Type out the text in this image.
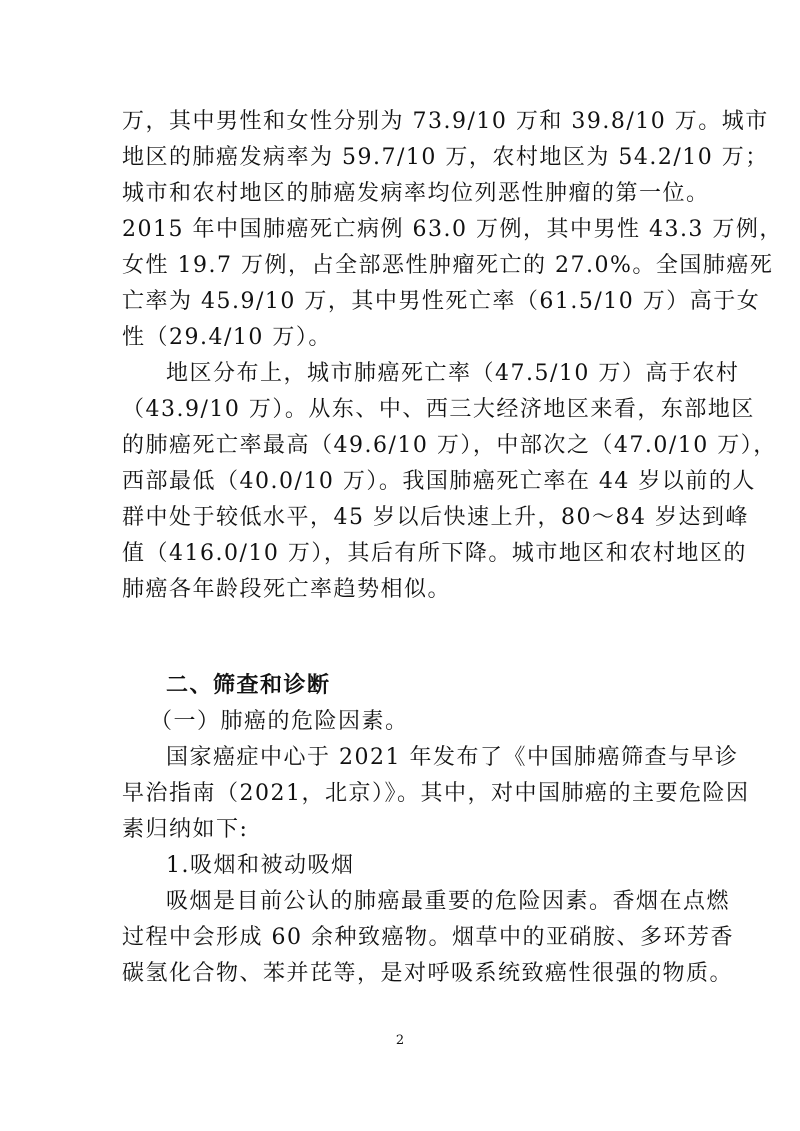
万，其中男性和女性分别为 73.9/10 万和 39.8/10 万。城市
地区的肺癌发病率为 59.7/10 万，农村地区为 54.2/10 万；
城市和农村地区的肺癌发病率均位列恶性肿瘤的第一位。
2015 年中国肺癌死亡病例 63.0 万例，其中男性 43.3 万例，
女性 19.7 万例，占全部恶性肿瘤死亡的 27.0%。全国肺癌死
亡率为 45.9/10 万，其中男性死亡率（61.5/10 万）高于女
性（29.4/10 万）。
地区分布上，城市肺癌死亡率（47.5/10 万）高于农村
（43.9/10 万）。从东、中、西三大经济地区来看，东部地区
的肺癌死亡率最高（49.6/10 万），中部次之（47.0/10 万），
西部最低（40.0/10 万）。我国肺癌死亡率在 44 岁以前的人
群中处于较低水平，45 岁以后快速上升，80～84 岁达到峰
值（416.0/10 万），其后有所下降。城市地区和农村地区的
肺癌各年龄段死亡率趋势相似。
二、筛查和诊断
（一）肺癌的危险因素。
国家癌症中心于 2021 年发布了《中国肺癌筛查与早诊
早治指南（2021，北京）》。其中，对中国肺癌的主要危险因
素归纳如下:
1.吸烟和被动吸烟
吸烟是目前公认的肺癌最重要的危险因素。香烟在点燃
过程中会形成 60 余种致癌物。烟草中的亚硝胺、多环芳香
碳氢化合物、苯并芘等，是对呼吸系统致癌性很强的物质。
2
